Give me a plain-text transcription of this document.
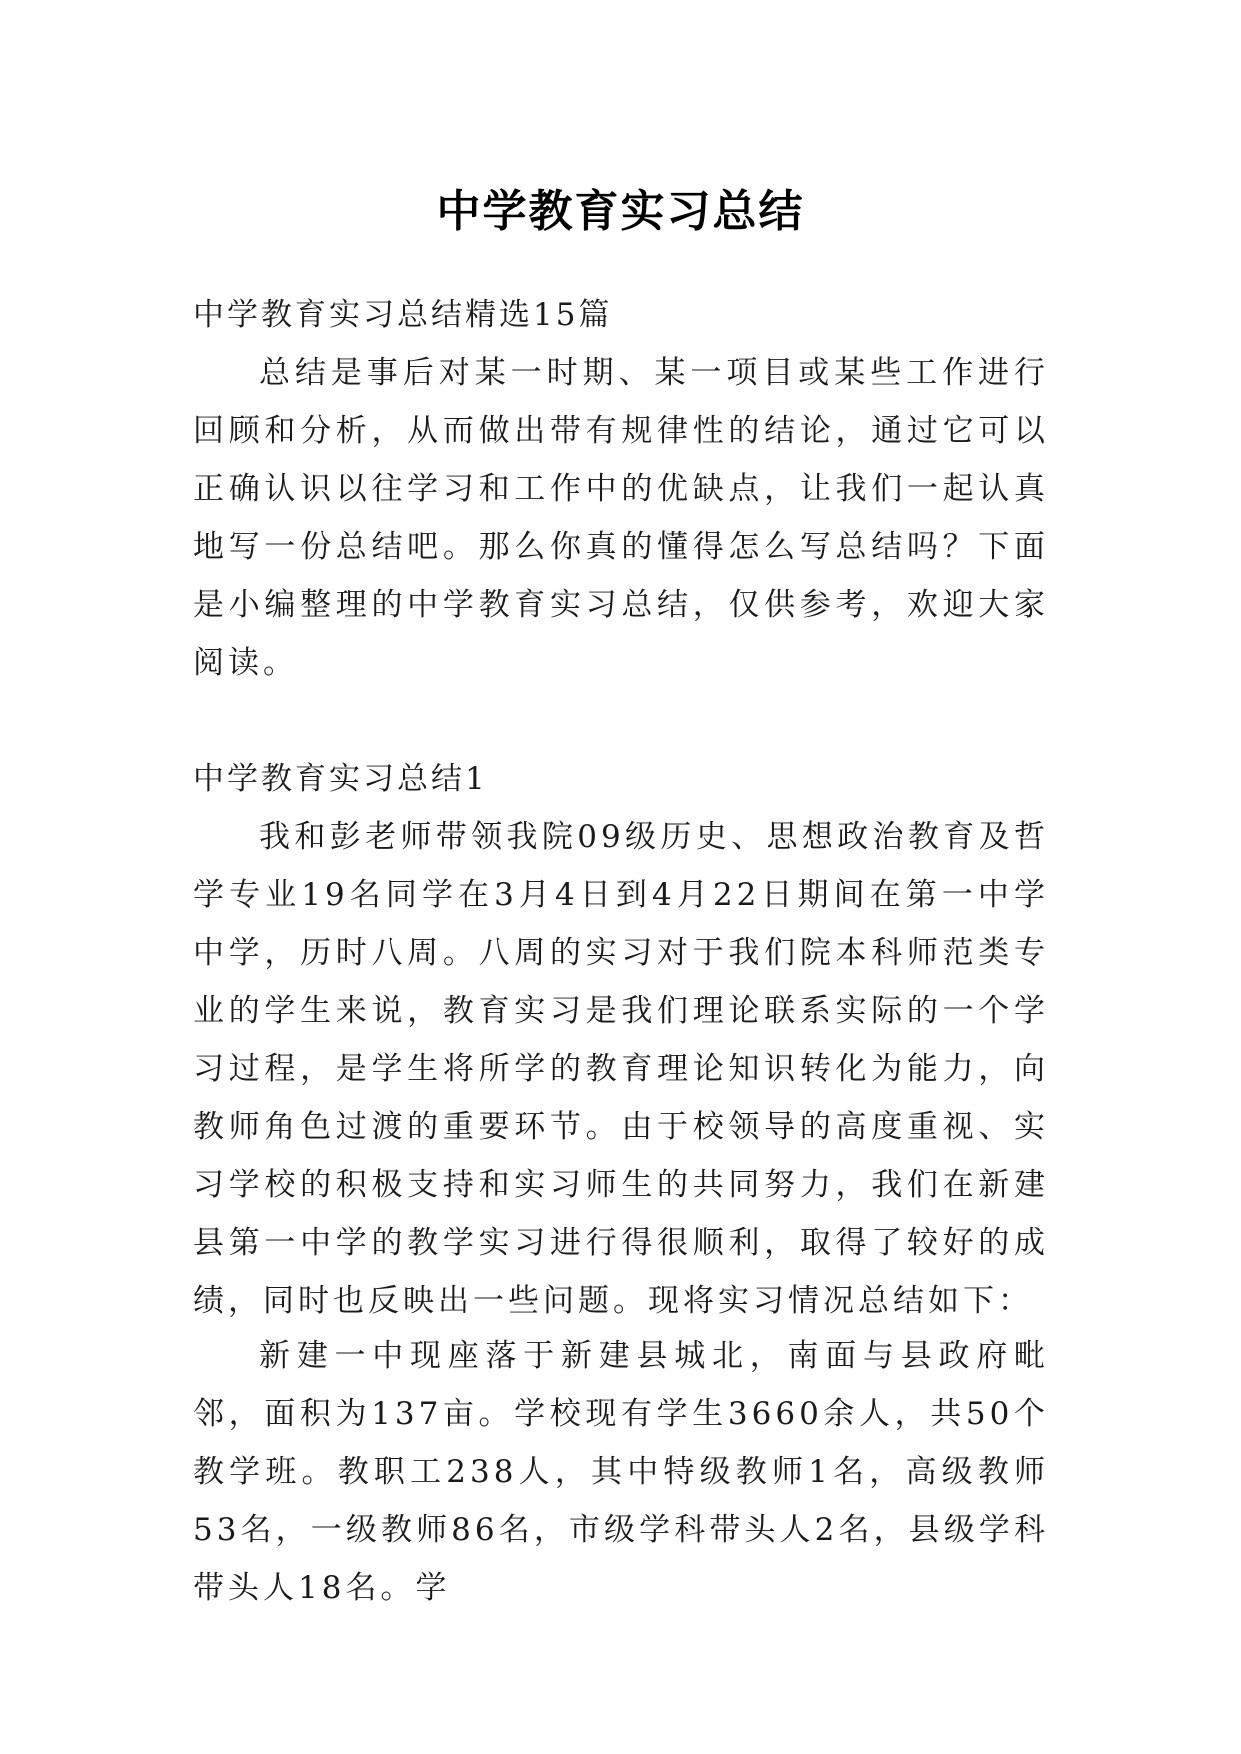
中学教育实习总结

中学教育实习总结精选15篇

总结是事后对某一时期、某一项目或某些工作进行回顾和分析，从而做出带有规律性的结论，通过它可以正确认识以往学习和工作中的优缺点，让我们一起认真地写一份总结吧。那么你真的懂得怎么写总结吗？下面是小编整理的中学教育实习总结，仅供参考，欢迎大家阅读。

中学教育实习总结1

我和彭老师带领我院09级历史、思想政治教育及哲学专业19名同学在3月4日到4月22日期间在第一中学中学，历时八周。八周的实习对于我们院本科师范类专业的学生来说，教育实习是我们理论联系实际的一个学习过程，是学生将所学的教育理论知识转化为能力，向教师角色过渡的重要环节。由于校领导的高度重视、实习学校的积极支持和实习师生的共同努力，我们在新建县第一中学的教学实习进行得很顺利，取得了较好的成绩，同时也反映出一些问题。现将实习情况总结如下：

新建一中现座落于新建县城北，南面与县政府毗邻，面积为137亩。学校现有学生3660余人，共50个教学班。教职工238人，其中特级教师1名，高级教师53名，一级教师86名，市级学科带头人2名，县级学科带头人18名。学
